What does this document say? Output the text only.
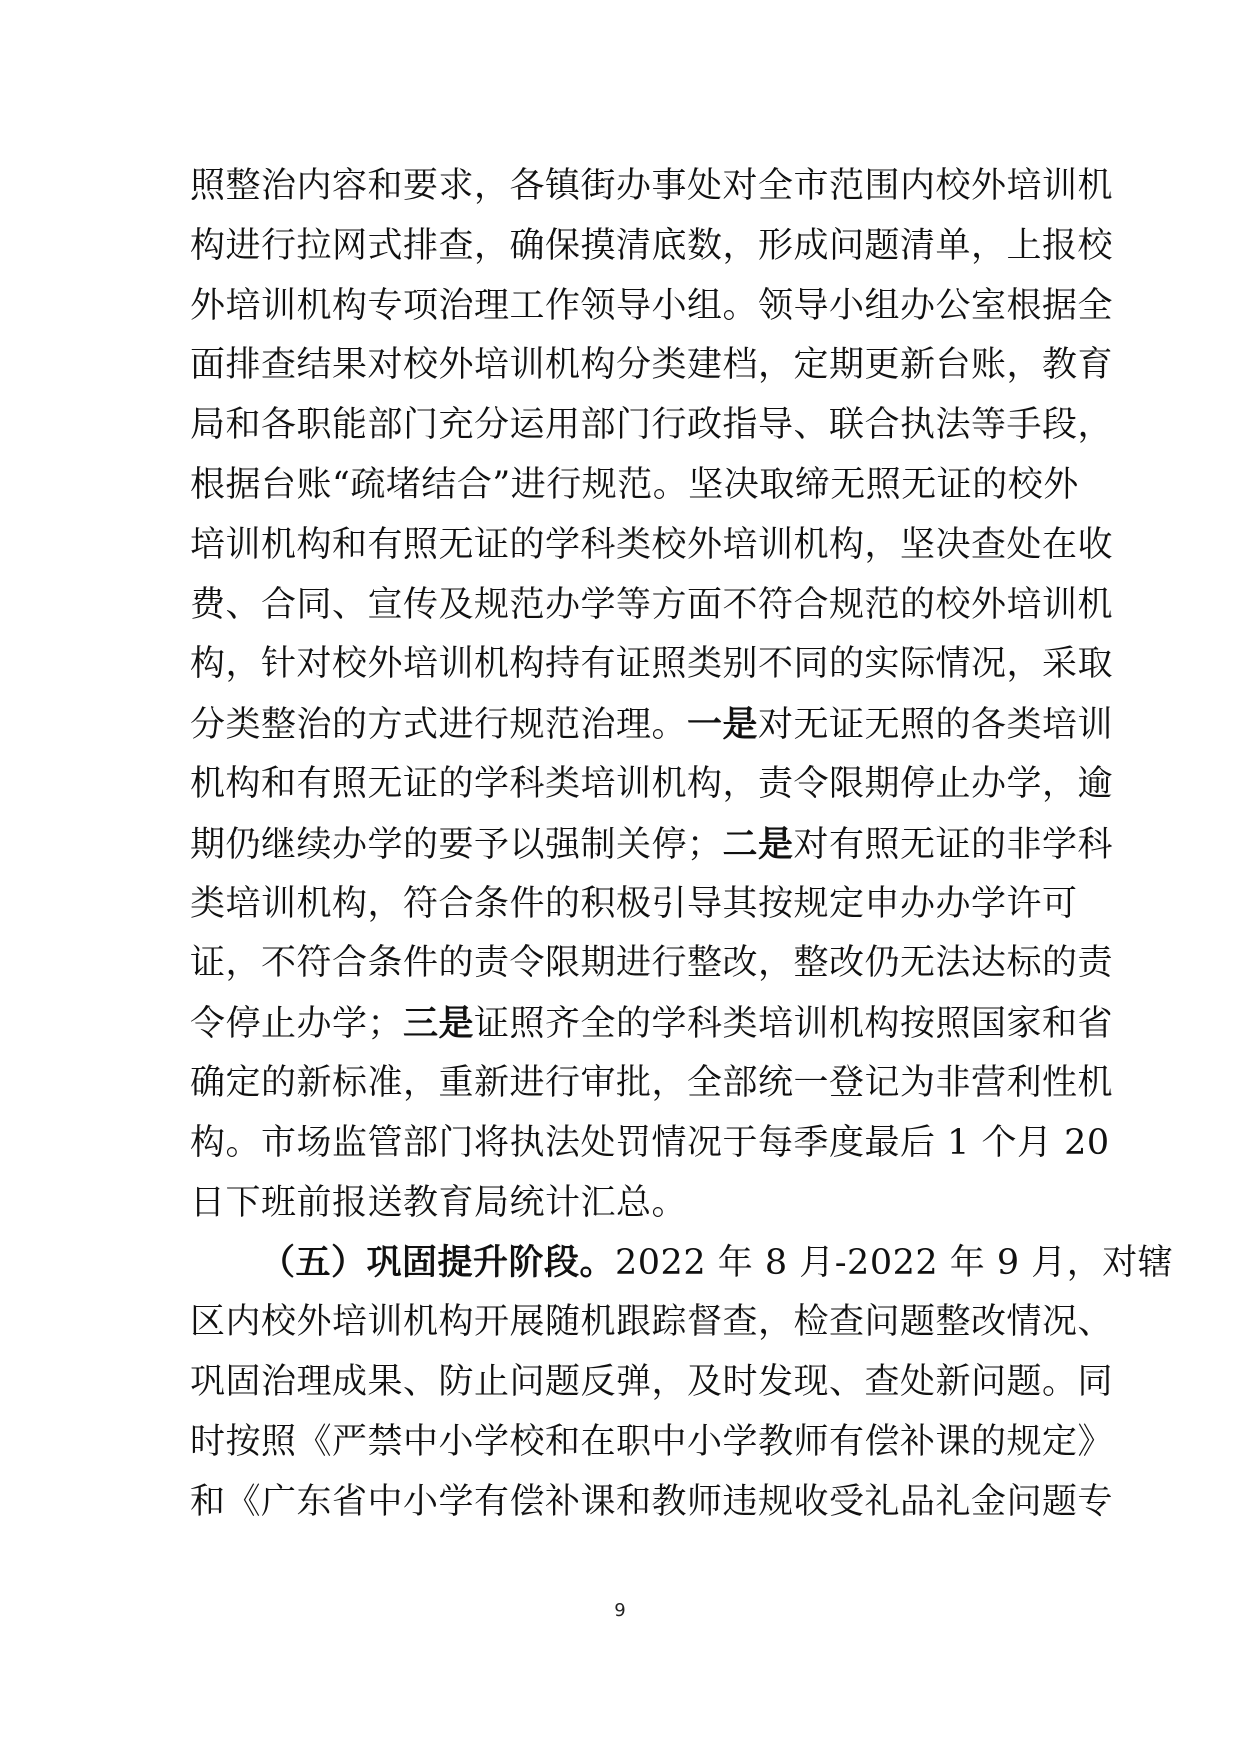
照整治内容和要求，各镇街办事处对全市范围内校外培训机
构进行拉网式排查，确保摸清底数，形成问题清单，上报校
外培训机构专项治理工作领导小组。领导小组办公室根据全
面排查结果对校外培训机构分类建档，定期更新台账，教育
局和各职能部门充分运用部门行政指导、联合执法等手段，
根据台账“疏堵结合”进行规范。坚决取缔无照无证的校外
培训机构和有照无证的学科类校外培训机构，坚决查处在收
费、合同、宣传及规范办学等方面不符合规范的校外培训机
构，针对校外培训机构持有证照类别不同的实际情况，采取
分类整治的方式进行规范治理。一是对无证无照的各类培训
机构和有照无证的学科类培训机构，责令限期停止办学，逾
期仍继续办学的要予以强制关停；二是对有照无证的非学科
类培训机构，符合条件的积极引导其按规定申办办学许可
证，不符合条件的责令限期进行整改，整改仍无法达标的责
令停止办学；三是证照齐全的学科类培训机构按照国家和省
确定的新标准，重新进行审批，全部统一登记为非营利性机
构。市场监管部门将执法处罚情况于每季度最后 1 个月 20
日下班前报送教育局统计汇总。
（五）巩固提升阶段。2022 年 8 月-2022 年 9 月，对辖
区内校外培训机构开展随机跟踪督查，检查问题整改情况、
巩固治理成果、防止问题反弹，及时发现、查处新问题。同
时按照《严禁中小学校和在职中小学教师有偿补课的规定》
和《广东省中小学有偿补课和教师违规收受礼品礼金问题专
9
